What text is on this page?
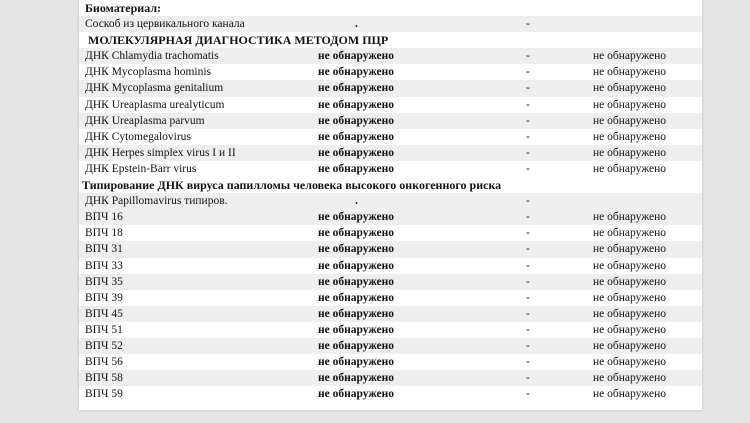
Биоматериал:
Соскоб из цервикального канала	.	-
МОЛЕКУЛЯРНАЯ ДИАГНОСТИКА МЕТОДОМ ПЦР
ДНК Chlamydia trachomatis	не обнаружено	-	не обнаружено
ДНК Mycoplasma hominis	не обнаружено	-	не обнаружено
ДНК Mycoplasma genitalium	не обнаружено	-	не обнаружено
ДНК Ureaplasma urealyticum	не обнаружено	-	не обнаружено
ДНК Ureaplasma parvum	не обнаружено	-	не обнаружено
ДНК Cytomegalovirus	не обнаружено	-	не обнаружено
ДНК Herpes simplex virus I и II	не обнаружено	-	не обнаружено
ДНК Epstein-Barr virus	не обнаружено	-	не обнаружено
Типирование ДНК вируса папилломы человека высокого онкогенного риска
ДНК Papillomavirus типиров.	.	-
ВПЧ 16	не обнаружено	-	не обнаружено
ВПЧ 18	не обнаружено	-	не обнаружено
ВПЧ 31	не обнаружено	-	не обнаружено
ВПЧ 33	не обнаружено	-	не обнаружено
ВПЧ 35	не обнаружено	-	не обнаружено
ВПЧ 39	не обнаружено	-	не обнаружено
ВПЧ 45	не обнаружено	-	не обнаружено
ВПЧ 51	не обнаружено	-	не обнаружено
ВПЧ 52	не обнаружено	-	не обнаружено
ВПЧ 56	не обнаружено	-	не обнаружено
ВПЧ 58	не обнаружено	-	не обнаружено
ВПЧ 59	не обнаружено	-	не обнаружено
